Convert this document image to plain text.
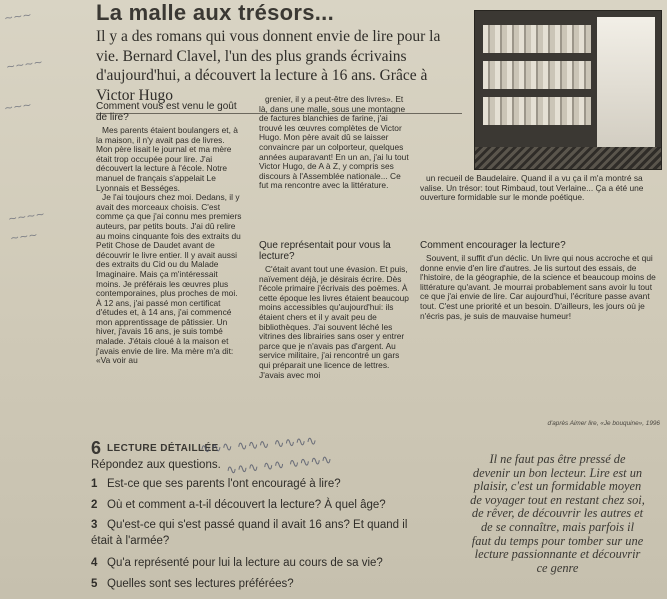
~~~
~~~~
~~~
~~~~
~~~
La malle aux trésors...

Il y a des romans qui vous donnent envie de lire pour la vie. Bernard Clavel, l'un des plus grands écrivains d'aujourd'hui, a découvert la lecture à 16 ans. Grâce à Victor Hugo

Comment vous est venu le goût de lire?

Mes parents étaient boulangers et, à la maison, il n'y avait pas de livres. Mon père lisait le journal et ma mère était trop occupée pour lire. J'ai découvert la lecture à l'école. Notre manuel de français s'appelait Le Lyonnais et Bességes.

Je l'ai toujours chez moi. Dedans, il y avait des morceaux choisis. C'est comme ça que j'ai connu mes premiers auteurs, par petits bouts. J'ai dû relire au moins cinquante fois des extraits du Petit Chose de Daudet avant de découvrir le livre entier. Il y avait aussi des extraits du Cid ou du Malade Imaginaire. Mais ça m'intéressait moins. Je préférais les œuvres plus contemporaines, plus proches de moi. À 12 ans, j'ai passé mon certificat d'études et, à 14 ans, j'ai commencé mon apprentissage de pâtissier. Un hiver, j'avais 16 ans, je suis tombé malade. J'étais cloué à la maison et j'avais envie de lire. Ma mère m'a dit: «Va voir au

grenier, il y a peut-être des livres». Et là, dans une malle, sous une montagne de factures blanchies de farine, j'ai trouvé les œuvres complètes de Victor Hugo. Mon père avait dû se laisser convaincre par un colporteur, quelques années auparavant! En un an, j'ai lu tout Victor Hugo, de A à Z, y compris ses discours à l'Assemblée nationale... Ce fut ma rencontre avec la littérature.

Que représentait pour vous la lecture?

C'était avant tout une évasion. Et puis, naïvement déjà, je désirais écrire. Dès l'école primaire j'écrivais des poèmes. À cette époque les livres étaient beaucoup moins accessibles qu'aujourd'hui: ils étaient chers et il y avait peu de bibliothèques. J'ai souvent léché les vitrines des librairies sans oser y entrer parce que je n'avais pas d'argent. Au service militaire, j'ai rencontré un gars qui préparait une licence de lettres. J'avais avec moi

un recueil de Baudelaire. Quand il a vu ça il m'a montré sa valise. Un trésor: tout Rimbaud, tout Verlaine... Ça a été une ouverture formidable sur le monde poétique.

Comment encourager la lecture?

Souvent, il suffit d'un déclic. Un livre qui nous accroche et qui donne envie d'en lire d'autres. Je lis surtout des essais, de l'histoire, de la géographie, de la science et beaucoup moins de littérature qu'avant. Je mourrai probablement sans avoir lu tout ce que j'ai envie de lire. Car aujourd'hui, l'écriture passe avant tout. C'est une priorité et un besoin. D'ailleurs, les jours où je n'écris pas, je suis de mauvaise humeur!

d'après Aimer lire, «Je bouquine», 1996
6 LECTURE DÉTAILLÉE
Répondez aux questions.
1 Est-ce que ses parents l'ont encouragé à lire?
2 Où et comment a-t-il découvert la lecture? À quel âge?
3 Qu'est-ce qui s'est passé quand il avait 16 ans? Et quand il était à l'armée?
4 Qu'a représenté pour lui la lecture au cours de sa vie?
5 Quelles sont ses lectures préférées?
∿∿∿ ∿∿∿ ∿∿∿∿
∿∿∿ ∿∿ ∿∿∿∿	Il ne faut pas être pressé de devenir un bon lecteur. Lire est un plaisir, c'est un formidable moyen de voyager tout en restant chez soi, de rêver, de découvrir les autres et de se connaître, mais parfois il faut du temps pour tomber sur une lecture passionnante et découvrir ce genre
